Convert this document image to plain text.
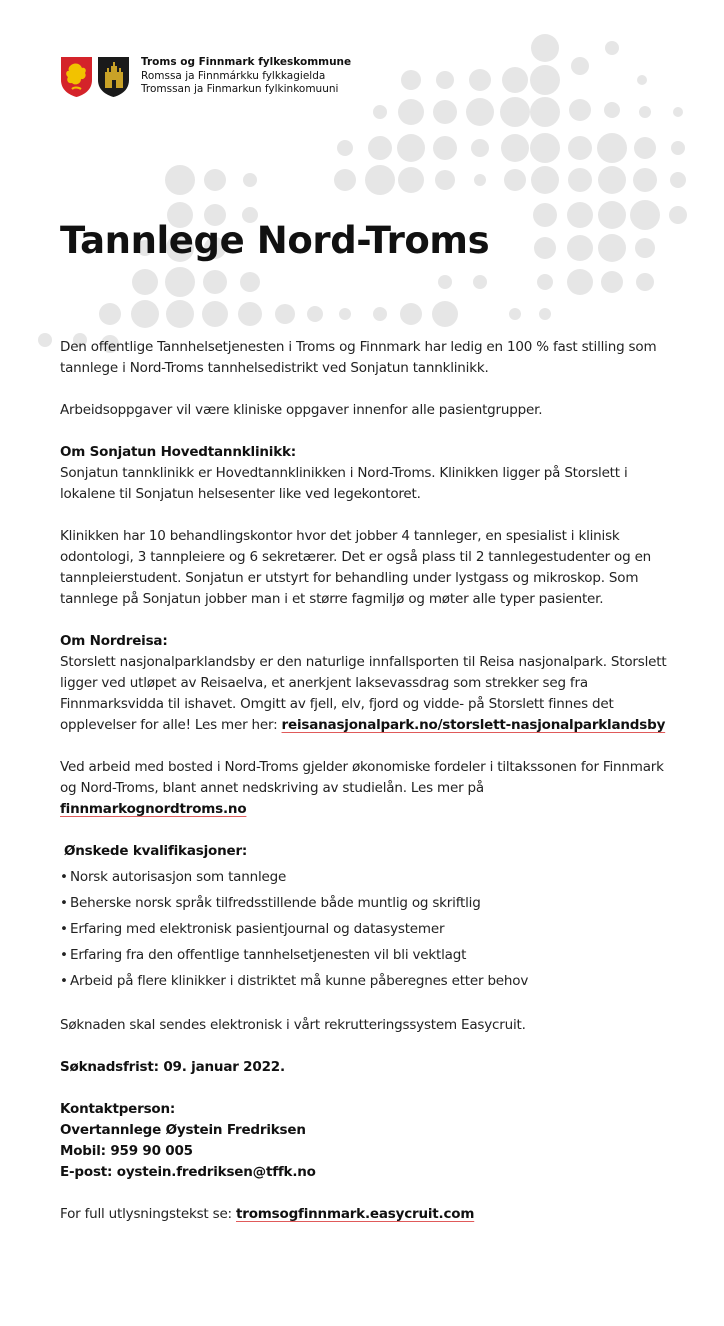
Troms og Finnmark fylkeskommune
Romssa ja Finnmárkku fylkkagielda
Tromssan ja Finmarkun fylkinkomuuni
Tannlege Nord-Troms

Den offentlige Tannhelsetjenesten i Troms og Finnmark har ledig en 100 % fast stilling som tannlege i Nord-Troms tannhelsedistrikt ved Sonjatun tannklinikk.

Arbeidsoppgaver vil være kliniske oppgaver innenfor alle pasientgrupper.

Om Sonjatun Hovedtannklinikk:
Sonjatun tannklinikk er Hovedtannklinikken i Nord-Troms. Klinikken ligger på Storslett i lokalene til Sonjatun helsesenter like ved legekontoret.

Klinikken har 10 behandlingskontor hvor det jobber 4 tannleger, en spesialist i klinisk odontologi, 3 tannpleiere og 6 sekretærer. Det er også plass til 2 tannlegestudenter og en tannpleierstudent. Sonjatun er utstyrt for behandling under lystgass og mikroskop. Som tannlege på Sonjatun jobber man i et større fagmiljø og møter alle typer pasienter.

Om Nordreisa:
Storslett nasjonalparklandsby er den naturlige innfallsporten til Reisa nasjonalpark. Storslett ligger ved utløpet av Reisaelva, et anerkjent laksevassdrag som strekker seg fra Finnmarksvidda til ishavet. Omgitt av fjell, elv, fjord og vidde- på Storslett finnes det opplevelser for alle! Les mer her: reisanasjonalpark.no/storslett-nasjonalparklandsby

Ved arbeid med bosted i Nord-Troms gjelder økonomiske fordeler i tiltakssonen for Finnmark og Nord-Troms, blant annet nedskriving av studielån. Les mer på
finnmarkognordtroms.no

Ønskede kvalifikasjoner:
• Norsk autorisasjon som tannlege
• Beherske norsk språk tilfredsstillende både muntlig og skriftlig
• Erfaring med elektronisk pasientjournal og datasystemer
• Erfaring fra den offentlige tannhelsetjenesten vil bli vektlagt
• Arbeid på flere klinikker i distriktet må kunne påberegnes etter behov

Søknaden skal sendes elektronisk i vårt rekrutteringssystem Easycruit.

Søknadsfrist: 09. januar 2022.

Kontaktperson:
Overtannlege Øystein Fredriksen
Mobil: 959 90 005
E-post: oystein.fredriksen@tffk.no

For full utlysningstekst se: tromsogfinnmark.easycruit.com
